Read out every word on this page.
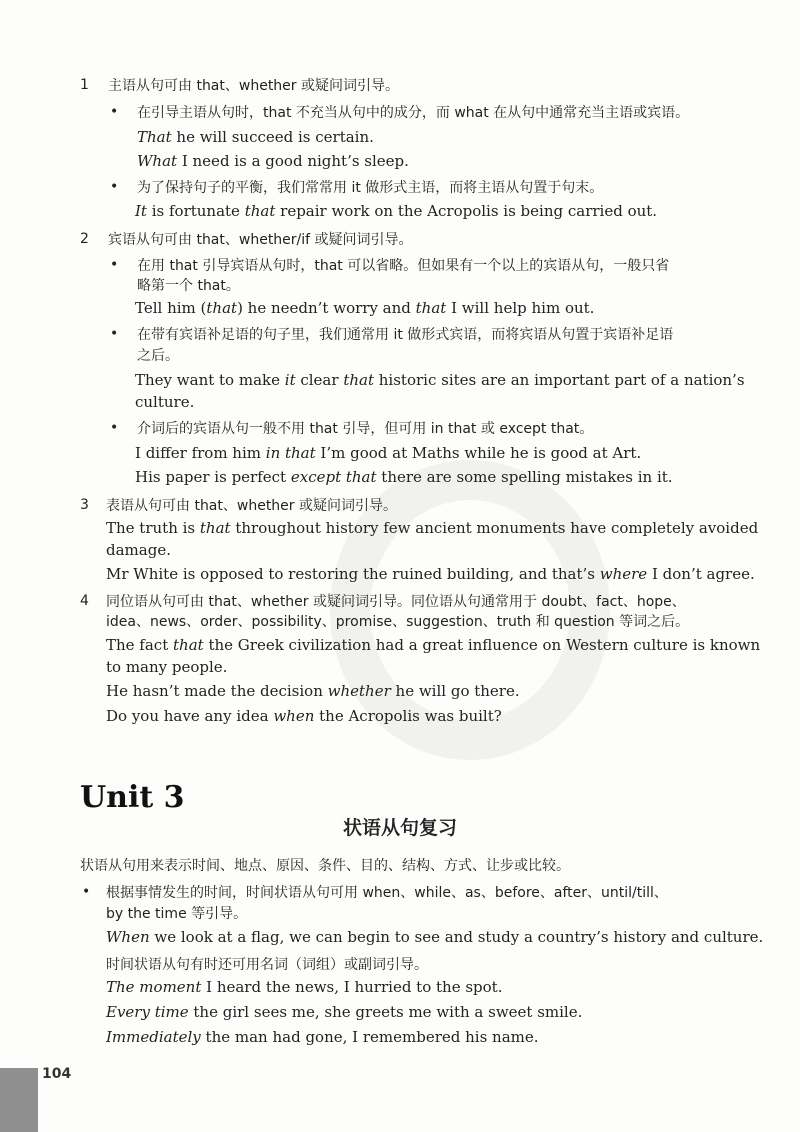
Unit 3
状语从句复习
104
1 主语从句可由 that、whether 或疑问词引导。
• 在引导主语从句时，that 不充当从句中的成分，而 what 在从句中通常充当主语或宾语。
That he will succeed is certain.
What I need is a good night’s sleep.
• 为了保持句子的平衡，我们常常用 it 做形式主语，而将主语从句置于句末。
It is fortunate that repair work on the Acropolis is being carried out.
2 宾语从句可由 that、whether/if 或疑问词引导。
• 在用 that 引导宾语从句时，that 可以省略。但如果有一个以上的宾语从句，一般只省
略第一个 that。
Tell him (that) he needn’t worry and that I will help him out.
• 在带有宾语补足语的句子里，我们通常用 it 做形式宾语，而将宾语从句置于宾语补足语
之后。
They want to make it clear that historic sites are an important part of a nation’s
culture.
• 介词后的宾语从句一般不用 that 引导，但可用 in that 或 except that。
I differ from him in that I’m good at Maths while he is good at Art.
His paper is perfect except that there are some spelling mistakes in it.
3 表语从句可由 that、whether 或疑问词引导。
The truth is that throughout history few ancient monuments have completely avoided
damage.
Mr White is opposed to restoring the ruined building, and that’s where I don’t agree.
4 同位语从句可由 that、whether 或疑问词引导。同位语从句通常用于 doubt、fact、hope、
idea、news、order、possibility、promise、suggestion、truth 和 question 等词之后。
The fact that the Greek civilization had a great influence on Western culture is known
to many people.
He hasn’t made the decision whether he will go there.
Do you have any idea when the Acropolis was built?
状语从句用来表示时间、地点、原因、条件、目的、结构、方式、让步或比较。
• 根据事情发生的时间，时间状语从句可用 when、while、as、before、after、until/till、
by the time 等引导。
When we look at a flag, we can begin to see and study a country’s history and culture.
时间状语从句有时还可用名词（词组）或副词引导。
The moment I heard the news, I hurried to the spot.
Every time the girl sees me, she greets me with a sweet smile.
Immediately the man had gone, I remembered his name.
